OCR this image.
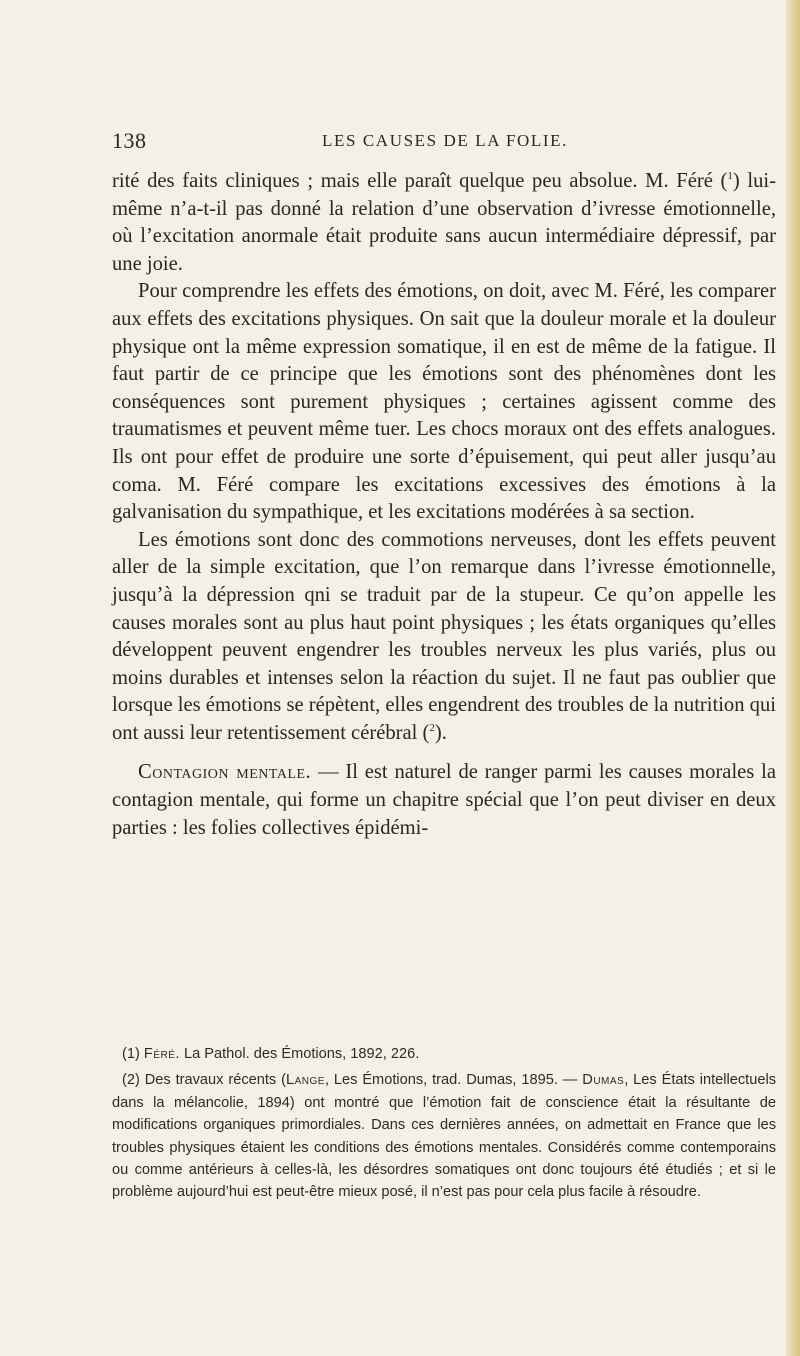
138	LES CAUSES DE LA FOLIE.

rité des faits cliniques ; mais elle paraît quelque peu absolue. M. Féré ($^1$) lui-même n’a-t-il pas donné la relation d’une observation d’ivresse émotionnelle, où l’excitation anormale était produite sans aucun intermédiaire dépressif, par une joie.

Pour comprendre les effets des émotions, on doit, avec M. Féré, les comparer aux effets des excitations physiques. On sait que la douleur morale et la douleur physique ont la même expression somatique, il en est de même de la fatigue. Il faut partir de ce principe que les émotions sont des phénomènes dont les conséquences sont purement physiques ; certaines agissent comme des traumatismes et peuvent même tuer. Les chocs moraux ont des effets analogues. Ils ont pour effet de produire une sorte d’épuisement, qui peut aller jusqu’au coma. M. Féré compare les excitations excessives des émotions à la galvanisation du sympathique, et les excitations modérées à sa section.

Les émotions sont donc des commotions nerveuses, dont les effets peuvent aller de la simple excitation, que l’on remarque dans l’ivresse émotionnelle, jusqu’à la dépression qni se traduit par de la stupeur. Ce qu’on appelle les causes morales sont au plus haut point physiques ; les états organiques qu’elles développent peuvent engendrer les troubles nerveux les plus variés, plus ou moins durables et intenses selon la réaction du sujet. Il ne faut pas oublier que lorsque les émotions se répètent, elles engendrent des troubles de la nutrition qui ont aussi leur retentissement cérébral ($^2$).

Contagion mentale. — Il est naturel de ranger parmi les causes morales la contagion mentale, qui forme un chapitre spécial que l’on peut diviser en deux parties : les folies collectives épidémi-

(1) Féré. La Pathol. des Émotions, 1892, 226.

(2) Des travaux récents (Lange, Les Émotions, trad. Dumas, 1895. — Dumas, Les États intellectuels dans la mélancolie, 1894) ont montré que l’émotion fait de conscience était la résultante de modifications organiques primordiales. Dans ces dernières années, on admettait en France que les troubles physiques étaient les conditions des émotions mentales. Considérés comme contemporains ou comme antérieurs à celles-là, les désordres somatiques ont donc toujours été étudiés ; et si le problème aujourd’hui est peut-être mieux posé, il n’est pas pour cela plus facile à résoudre.
